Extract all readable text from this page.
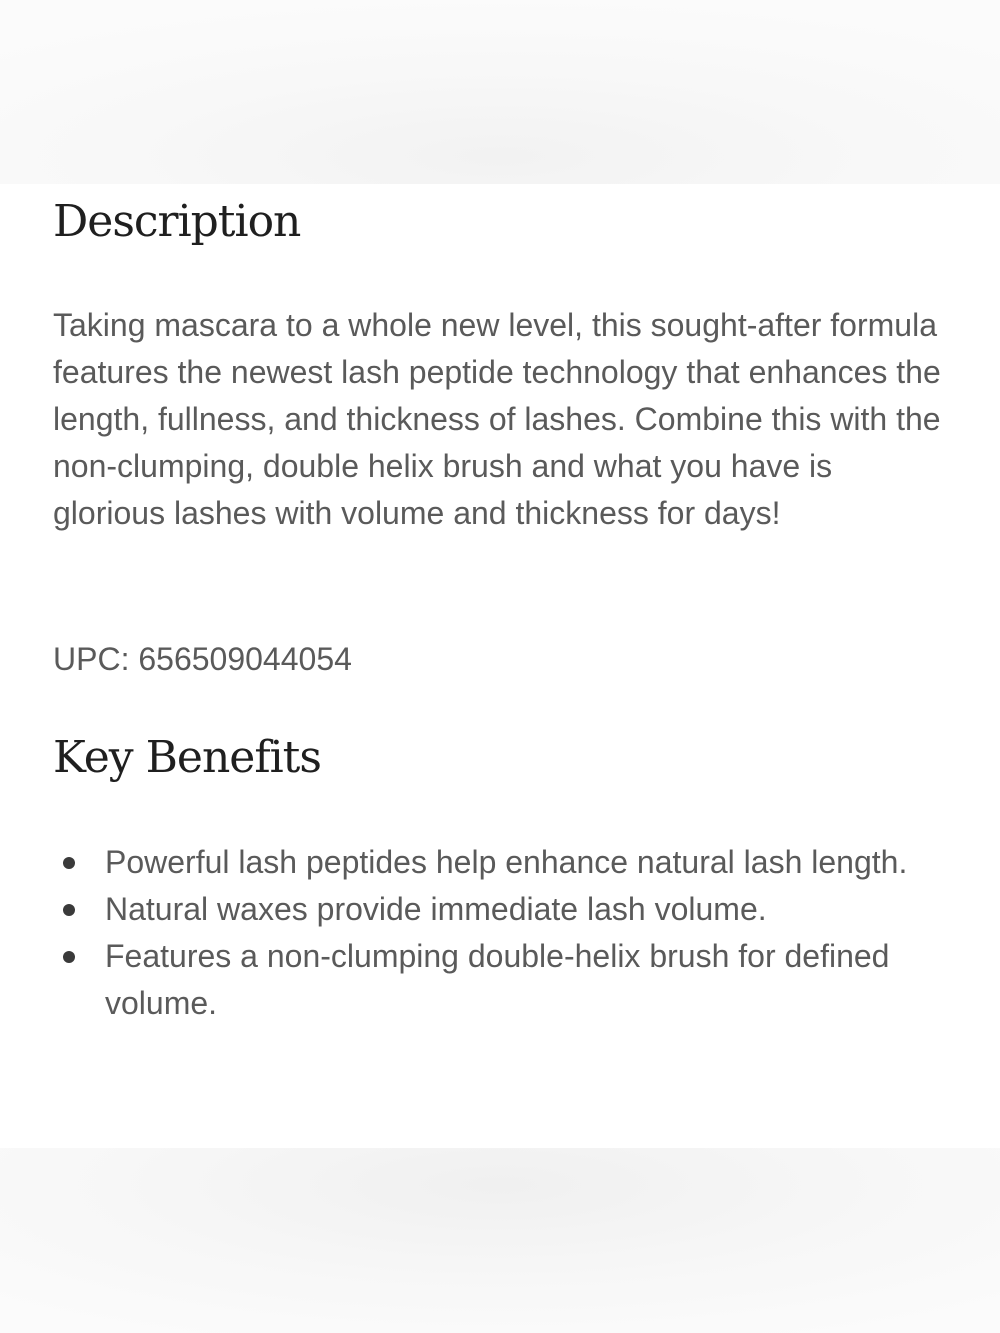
Description

Taking mascara to a whole new level, this sought-after formula features the newest lash peptide technology that enhances the length, fullness, and thickness of lashes. Combine this with the non-clumping, double helix brush and what you have is glorious lashes with volume and thickness for days!

UPC: 656509044054

Key Benefits
Powerful lash peptides help enhance natural lash length.
Natural waxes provide immediate lash volume.
Features a non-clumping double-helix brush for defined volume.
